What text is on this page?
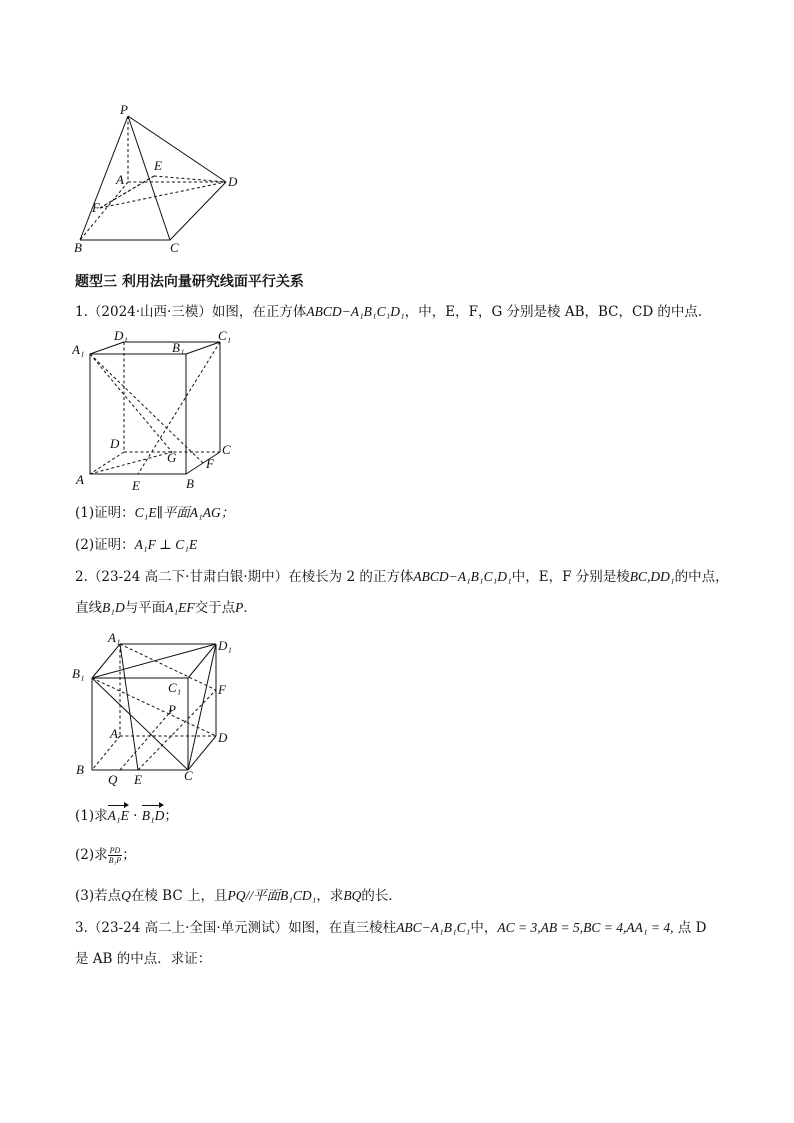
P
E
A	D
F
B	C
题型三 利用法向量研究线面平行关系
1.（2024·山西·三模）如图，在正方体ABCD−A₁B₁C₁D₁，中，E，F，G 分别是棱 AB，BC，CD 的中点．
D₁	C₁
A₁	B₁
D	C
G F
A	E	B
(1)证明：C₁E∥平面A₁AG；
(2)证明：A₁F ⊥ C₁E
2.（23-24 高二下·甘肃白银·期中）在棱长为 2 的正方体ABCD−A₁B₁C₁D₁中，E，F 分别是棱BC,DD₁的中点，
直线B₁D与平面A₁EF交于点P．
A₁
D₁
B₁
C₁	F
P
A	D
B
Q E	C
(1)求A₁E · B₁D；
(2)求 $\frac{PD}{\text{B₁P}}$ ；
(3)若点Q在棱 BC 上，且PQ//平面B₁CD₁，求BQ的长．
3.（23-24 高二上·全国·单元测试）如图，在直三棱柱ABC−A₁B₁C₁中，AC = 3,AB = 5,BC = 4,AA₁ = 4, 点 D
是 AB 的中点．求证：
